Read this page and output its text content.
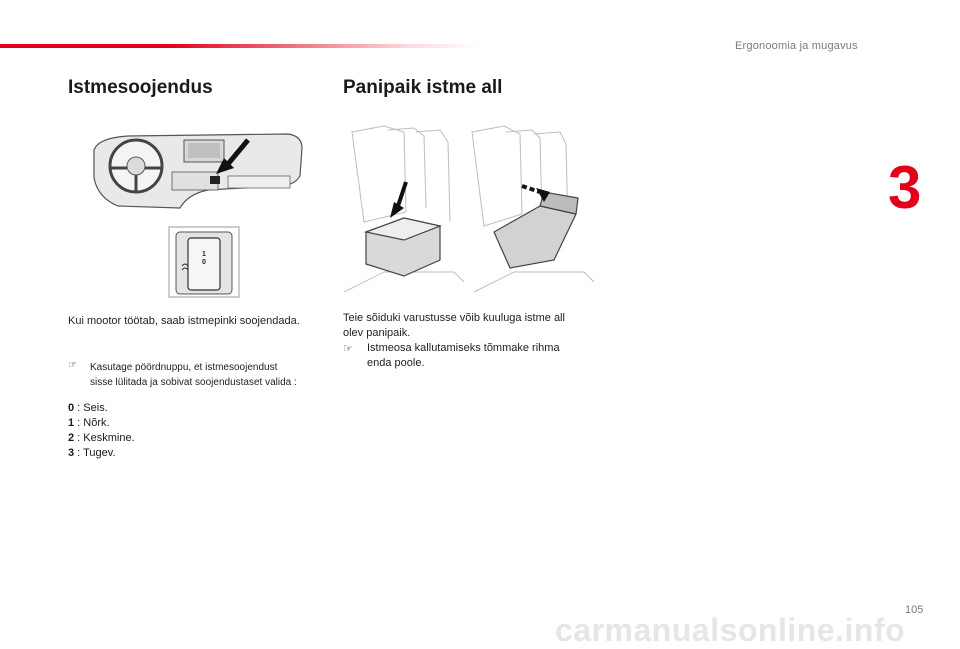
Ergonoomia ja mugavus
3
Istmesoojendus	Panipaik istme all
1
0
Kui mootor töötab, saab istmepinki soojendada.
☞ Kasutage pöördnuppu, et istmesoojendust
sisse lülitada ja sobivat soojendustaset valida :
0 : Seis.
1 : Nõrk.
2 : Keskmine.
3 : Tugev.
Teie sõiduki varustusse võib kuuluga istme all
olev panipaik.
☞ Istmeosa kallutamiseks tõmmake rihma
enda poole.
105
carmanualsonline.info
